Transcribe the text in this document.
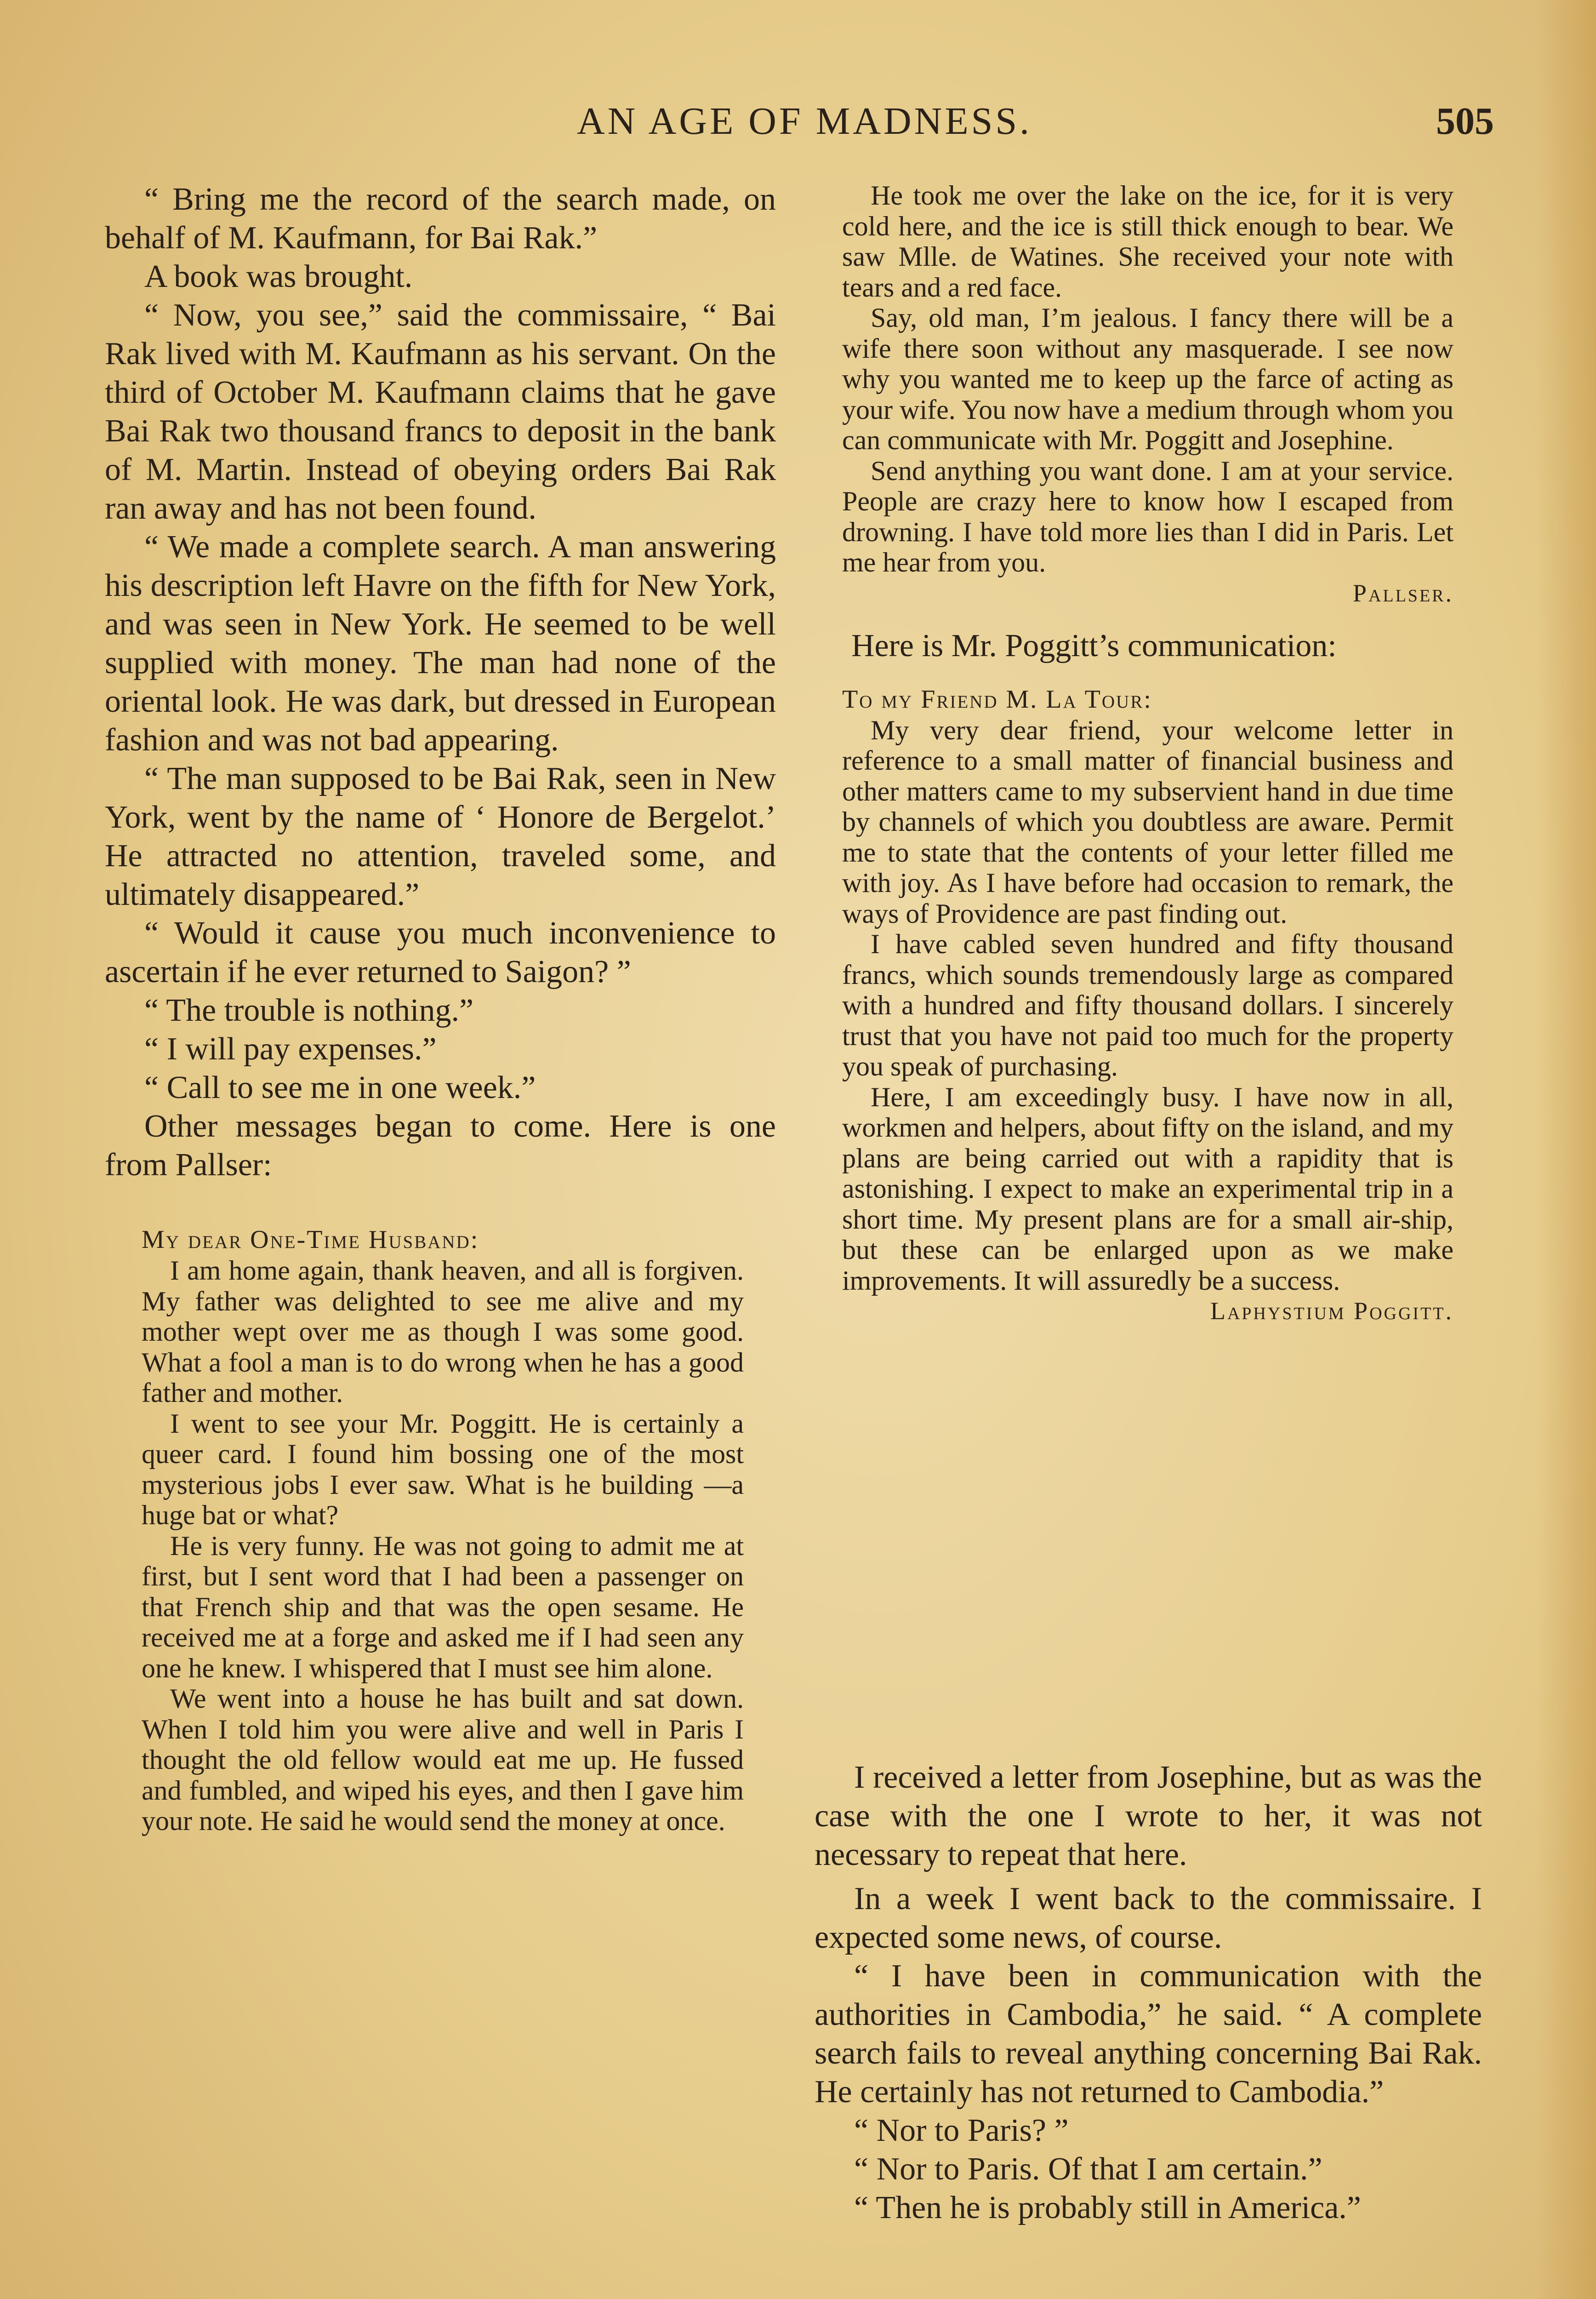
AN AGE OF MADNESS.	505

“ Bring me the record of the search made, on behalf of M. Kaufmann, for Bai Rak.”

A book was brought.

“ Now, you see,” said the commissaire, “ Bai Rak lived with M. Kaufmann as his servant. On the third of October M. Kaufmann claims that he gave Bai Rak two thousand francs to deposit in the bank of M. Martin. Instead of obeying orders Bai Rak ran away and has not been found.

“ We made a complete search. A man answering his description left Havre on the fifth for New York, and was seen in New York. He seemed to be well supplied with money. The man had none of the oriental look. He was dark, but dressed in European fashion and was not bad appearing.

“ The man supposed to be Bai Rak, seen in New York, went by the name of ‘ Honore de Bergelot.’ He attracted no attention, traveled some, and ultimately disappeared.”

“ Would it cause you much inconvenience to ascertain if he ever returned to Saigon? ”

“ The trouble is nothing.”

“ I will pay expenses.”

“ Call to see me in one week.”

Other messages began to come. Here is one from Pallser:

My dear One-Time Husband:

I am home again, thank heaven, and all is forgiven. My father was delighted to see me alive and my mother wept over me as though I was some good. What a fool a man is to do wrong when he has a good father and mother.

I went to see your Mr. Poggitt. He is certainly a queer card. I found him bossing one of the most mysterious jobs I ever saw. What is he building —a huge bat or what?

He is very funny. He was not going to admit me at first, but I sent word that I had been a passenger on that French ship and that was the open sesame. He received me at a forge and asked me if I had seen any one he knew. I whispered that I must see him alone.

We went into a house he has built and sat down. When I told him you were alive and well in Paris I thought the old fellow would eat me up. He fussed and fumbled, and wiped his eyes, and then I gave him your note. He said he would send the money at once.

He took me over the lake on the ice, for it is very cold here, and the ice is still thick enough to bear. We saw Mlle. de Watines. She received your note with tears and a red face.

Say, old man, I’m jealous. I fancy there will be a wife there soon without any masquerade. I see now why you wanted me to keep up the farce of acting as your wife. You now have a medium through whom you can communicate with Mr. Poggitt and Josephine.

Send anything you want done. I am at your service. People are crazy here to know how I escaped from drowning. I have told more lies than I did in Paris. Let me hear from you.

Pallser.

Here is Mr. Poggitt’s communication:

To my Friend M. La Tour:

My very dear friend, your welcome letter in reference to a small matter of financial business and other matters came to my subservient hand in due time by channels of which you doubtless are aware. Permit me to state that the contents of your letter filled me with joy. As I have before had occasion to remark, the ways of Providence are past finding out.

I have cabled seven hundred and fifty thousand francs, which sounds tremendously large as compared with a hundred and fifty thousand dollars. I sincerely trust that you have not paid too much for the property you speak of purchasing.

Here, I am exceedingly busy. I have now in all, workmen and helpers, about fifty on the island, and my plans are being carried out with a rapidity that is astonishing. I expect to make an experimental trip in a short time. My present plans are for a small air-ship, but these can be enlarged upon as we make improvements. It will assuredly be a success.

Laphystium Poggitt.

I received a letter from Josephine, but as was the case with the one I wrote to her, it was not necessary to repeat that here.

In a week I went back to the commissaire. I expected some news, of course.

“ I have been in communication with the authorities in Cambodia,” he said. “ A complete search fails to reveal anything concerning Bai Rak. He certainly has not returned to Cambodia.”

“ Nor to Paris? ”

“ Nor to Paris. Of that I am certain.”

“ Then he is probably still in America.”
